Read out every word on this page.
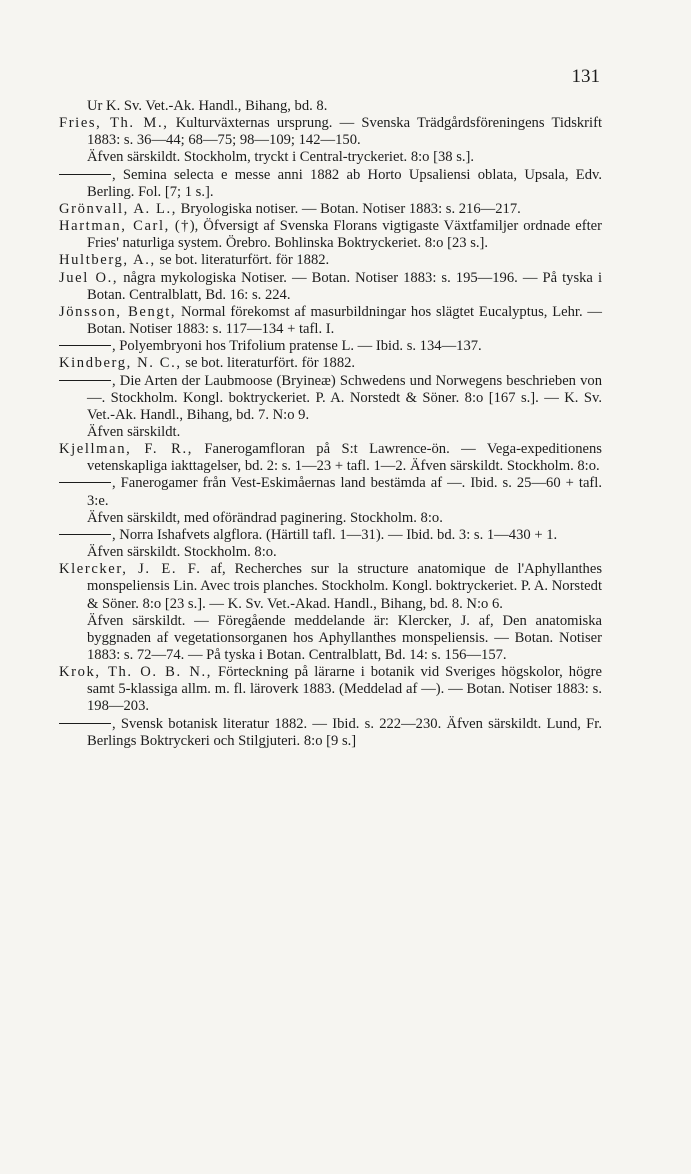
131

Ur K. Sv. Vet.-Ak. Handl., Bihang, bd. 8.

Fries, Th. M., Kulturväxternas ursprung. — Svenska Trädgårdsföreningens Tidskrift 1883: s. 36—44; 68—75; 98—109; 142—150.

Äfven särskildt. Stockholm, tryckt i Central-tryckeriet. 8:o [38 s.].

, Semina selecta e messe anni 1882 ab Horto Upsaliensi oblata, Upsala, Edv. Berling. Fol. [7; 1 s.].

Grönvall, A. L., Bryologiska notiser. — Botan. Notiser 1883: s. 216—217.

Hartman, Carl, (†), Öfversigt af Svenska Florans vigtigaste Växtfamiljer ordnade efter Fries' naturliga system. Örebro. Bohlinska Boktryckeriet. 8:o [23 s.].

Hultberg, A., se bot. literaturfört. för 1882.

Juel O., några mykologiska Notiser. — Botan. Notiser 1883: s. 195—196. — På tyska i Botan. Centralblatt, Bd. 16: s. 224.

Jönsson, Bengt, Normal förekomst af masurbildningar hos slägtet Eucalyptus, Lehr. — Botan. Notiser 1883: s. 117—134 + tafl. I.

, Polyembryoni hos Trifolium pratense L. — Ibid. s. 134—137.

Kindberg, N. C., se bot. literaturfört. för 1882.

, Die Arten der Laubmoose (Bryineæ) Schwedens und Norwegens beschrieben von —. Stockholm. Kongl. boktryckeriet. P. A. Norstedt & Söner. 8:o [167 s.]. — K. Sv. Vet.-Ak. Handl., Bihang, bd. 7. N:o 9.

Äfven särskildt.

Kjellman, F. R., Fanerogamfloran på S:t Lawrence-ön. — Vega-expeditionens vetenskapliga iakttagelser, bd. 2: s. 1—23 + tafl. 1—2. Äfven särskildt. Stockholm. 8:o.

, Fanerogamer från Vest-Eskimåernas land bestämda af —. Ibid. s. 25—60 + tafl. 3:e.

Äfven särskildt, med oförändrad paginering. Stockholm. 8:o.

, Norra Ishafvets algflora. (Härtill tafl. 1—31). — Ibid. bd. 3: s. 1—430 + 1.

Äfven särskildt. Stockholm. 8:o.

Klercker, J. E. F. af, Recherches sur la structure anatomique de l'Aphyllanthes monspeliensis Lin. Avec trois planches. Stockholm. Kongl. boktryckeriet. P. A. Norstedt & Söner. 8:o [23 s.]. — K. Sv. Vet.-Akad. Handl., Bihang, bd. 8. N:o 6.

Äfven särskildt. — Föregående meddelande är: Klercker, J. af, Den anatomiska byggnaden af vegetationsorganen hos Aphyllanthes monspeliensis. — Botan. Notiser 1883: s. 72—74. — På tyska i Botan. Centralblatt, Bd. 14: s. 156—157.

Krok, Th. O. B. N., Förteckning på lärarne i botanik vid Sveriges högskolor, högre samt 5-klassiga allm. m. fl. läroverk 1883. (Meddelad af —). — Botan. Notiser 1883: s. 198—203.

, Svensk botanisk literatur 1882. — Ibid. s. 222—230. Äfven särskildt. Lund, Fr. Berlings Boktryckeri och Stilgjuteri. 8:o [9 s.]
